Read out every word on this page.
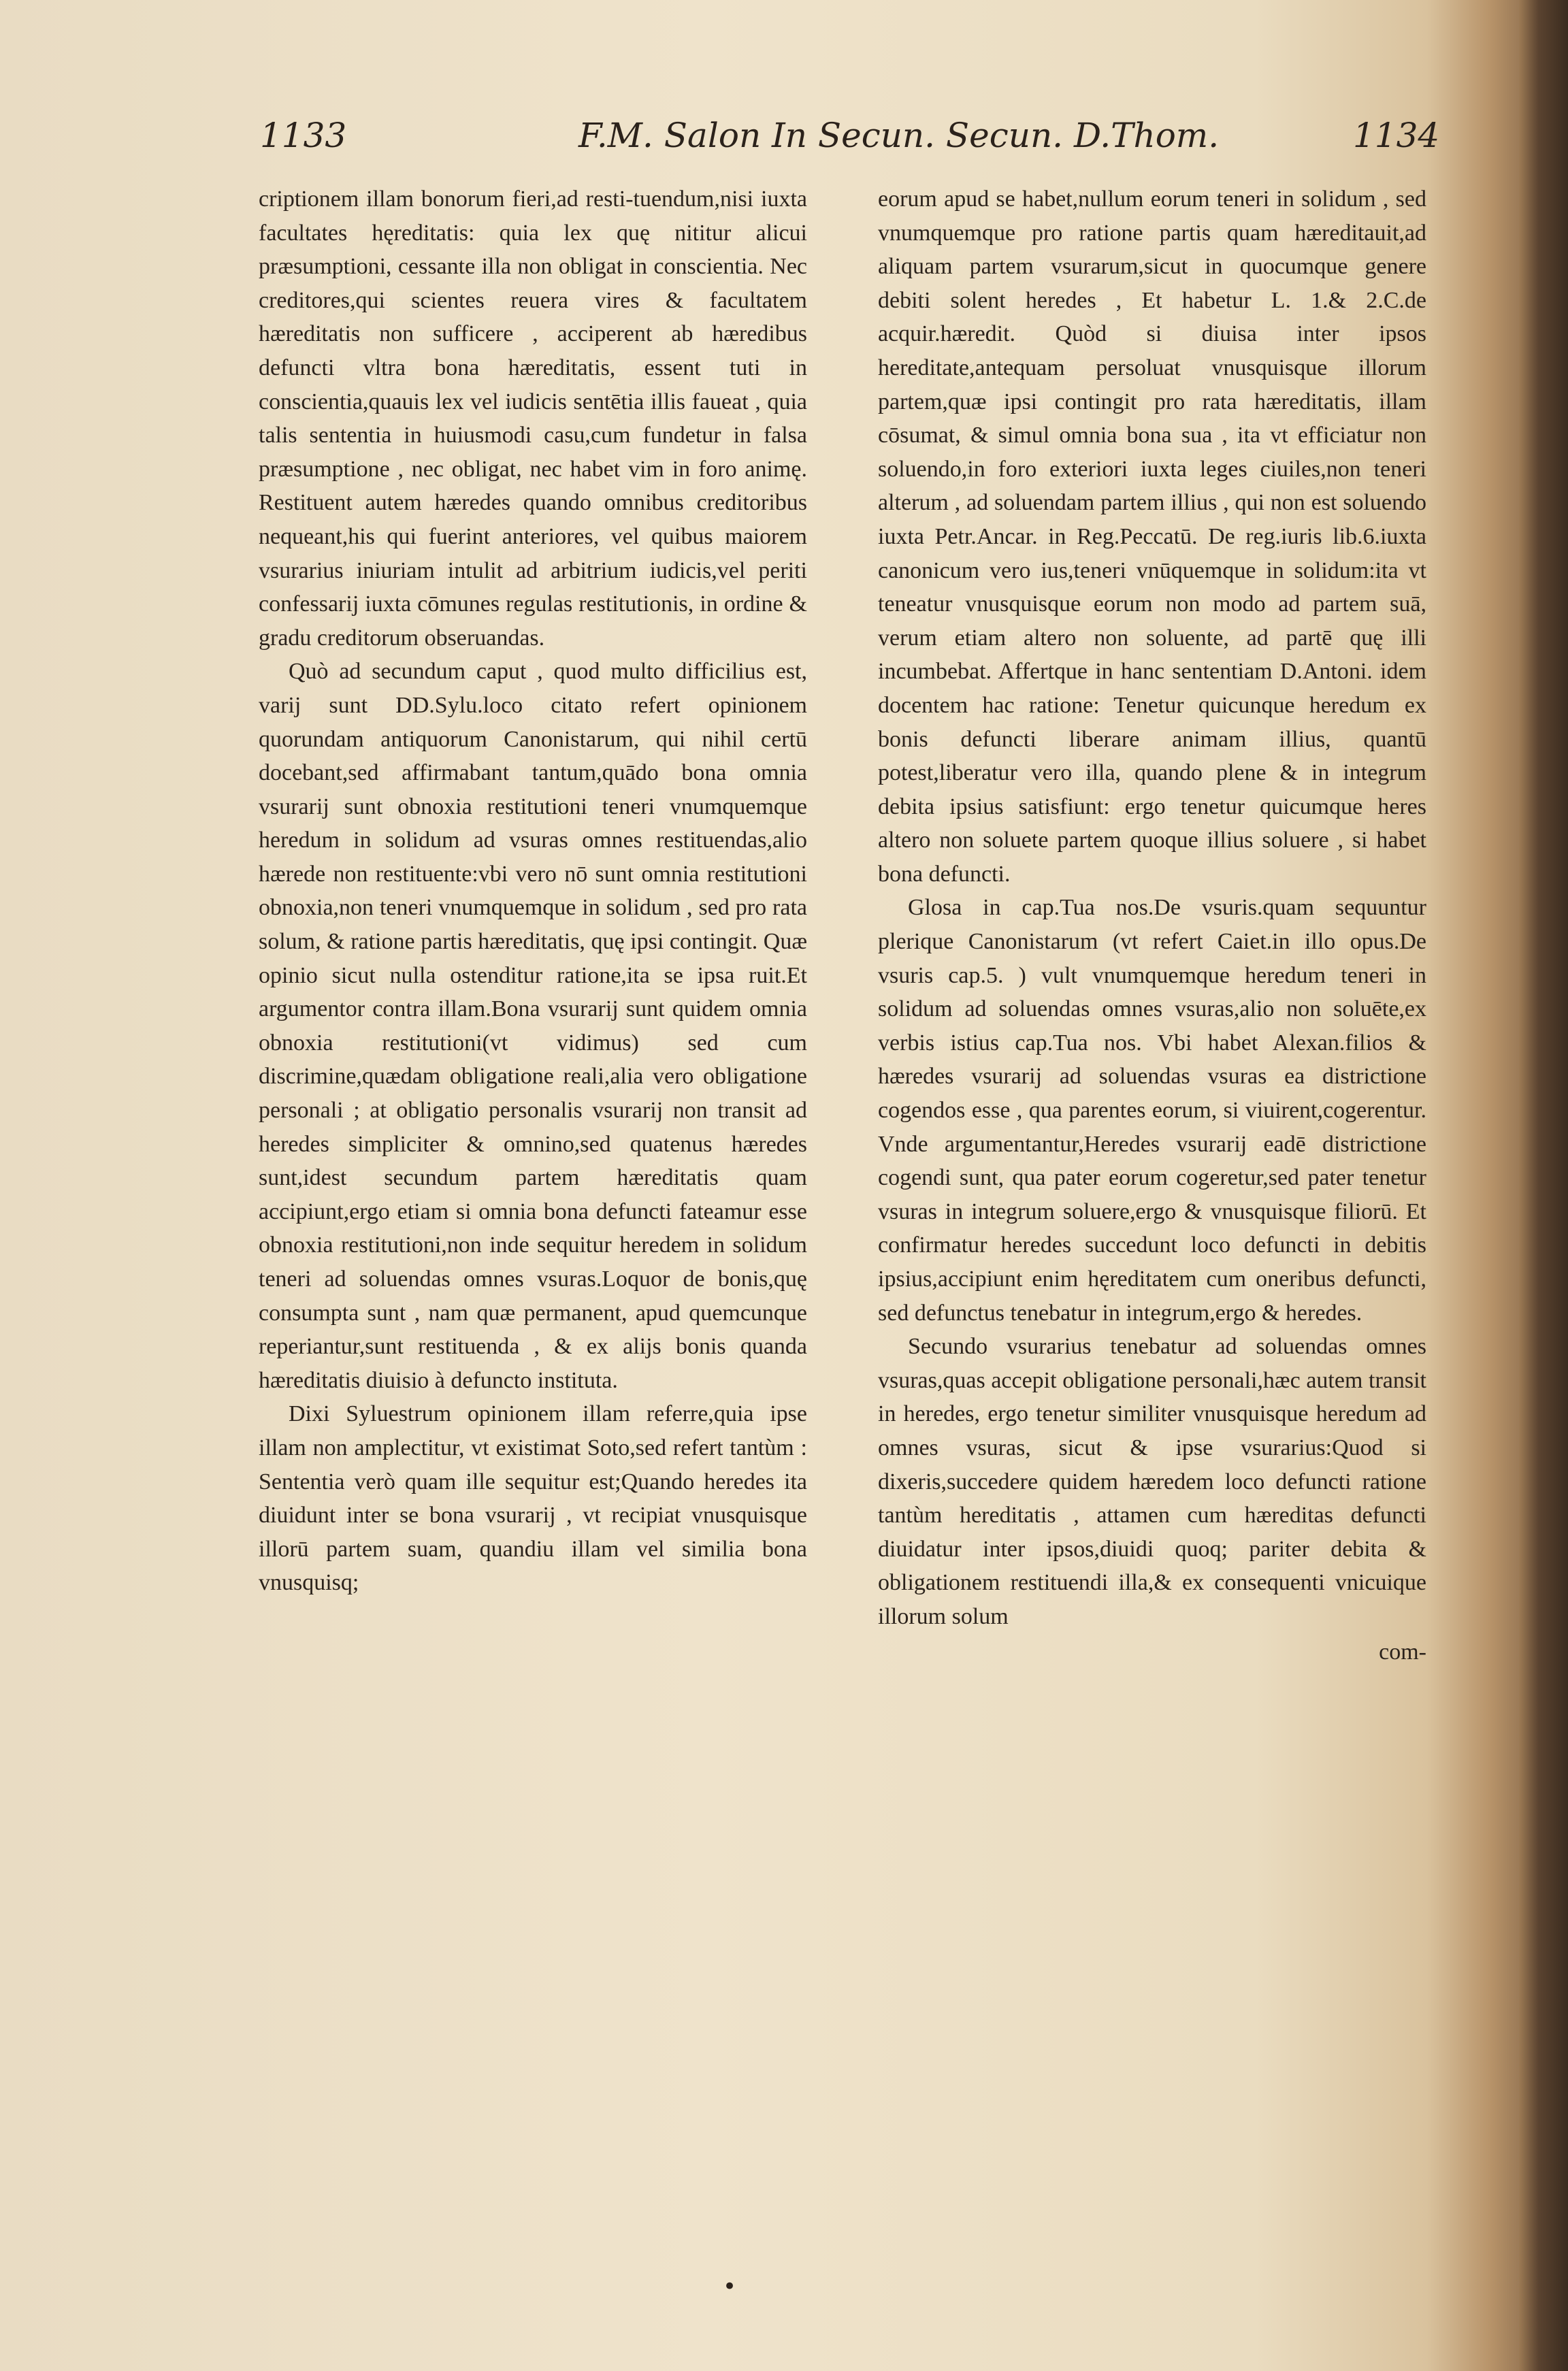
1133	F.M. Salon In Secun. Secun. D.Thom.	1134

criptionem illam bonorum fieri,ad resti-tuendum,nisi iuxta facultates hęreditatis: quia lex quę nititur alicui præsumptioni, cessante illa non obligat in conscientia. Nec creditores,qui scientes reuera vires & facultatem hæreditatis non sufficere , acciperent ab hæredibus defuncti vltra bona hæreditatis, essent tuti in conscientia,quauis lex vel iudicis sentētia illis faueat , quia talis sententia in huiusmodi casu,cum fundetur in falsa præsumptione , nec obligat, nec habet vim in foro animę. Restituent autem hæredes quando omnibus creditoribus nequeant,his qui fuerint anteriores, vel quibus maiorem vsurarius iniuriam intulit ad arbitrium iudicis,vel periti confessarij iuxta cōmunes regulas restitutionis, in ordine & gradu creditorum obseruandas.

Quò ad secundum caput , quod multo difficilius est, varij sunt DD.Sylu.loco citato refert opinionem quorundam antiquorum Canonistarum, qui nihil certū docebant,sed affirmabant tantum,quādo bona omnia vsurarij sunt obnoxia restitutioni teneri vnumquemque heredum in solidum ad vsuras omnes restituendas,alio hærede non restituente:vbi vero nō sunt omnia restitutioni obnoxia,non teneri vnumquemque in solidum , sed pro rata solum, & ratione partis hæreditatis, quę ipsi contingit. Quæ opinio sicut nulla ostenditur ratione,ita se ipsa ruit.Et argumentor contra illam.Bona vsurarij sunt quidem omnia obnoxia restitutioni(vt vidimus) sed cum discrimine,quædam obligatione reali,alia vero obligatione personali ; at obligatio personalis vsurarij non transit ad heredes simpliciter & omnino,sed quatenus hæredes sunt,idest secundum partem hæreditatis quam accipiunt,ergo etiam si omnia bona defuncti fateamur esse obnoxia restitutioni,non inde sequitur heredem in solidum teneri ad soluendas omnes vsuras.Loquor de bonis,quę consumpta sunt , nam quæ permanent, apud quemcunque reperiantur,sunt restituenda , & ex alijs bonis quanda hæreditatis diuisio à defuncto instituta.

Dixi Syluestrum opinionem illam referre,quia ipse illam non amplectitur, vt existimat Soto,sed refert tantùm : Sententia verò quam ille sequitur est;Quando heredes ita diuidunt inter se bona vsurarij , vt recipiat vnusquisque illorū partem suam, quandiu illam vel similia bona vnusquisq;

eorum apud se habet,nullum eorum teneri in solidum , sed vnumquemque pro ratione partis quam hæreditauit,ad aliquam partem vsurarum,sicut in quocumque genere debiti solent heredes , Et habetur L. 1.& 2.C.de acquir.hæredit. Quòd si diuisa inter ipsos hereditate,antequam persoluat vnusquisque illorum partem,quæ ipsi contingit pro rata hæreditatis, illam cōsumat, & simul omnia bona sua , ita vt efficiatur non soluendo,in foro exteriori iuxta leges ciuiles,non teneri alterum , ad soluendam partem illius , qui non est soluendo iuxta Petr.Ancar. in Reg.Peccatū. De reg.iuris lib.6.iuxta canonicum vero ius,teneri vnūquemque in solidum:ita vt teneatur vnusquisque eorum non modo ad partem suā, verum etiam altero non soluente, ad partē quę illi incumbebat. Affertque in hanc sententiam D.Antoni. idem docentem hac ratione: Tenetur quicunque heredum ex bonis defuncti liberare animam illius, quantū potest,liberatur vero illa, quando plene & in integrum debita ipsius satisfiunt: ergo tenetur quicumque heres altero non soluete partem quoque illius soluere , si habet bona defuncti.

Glosa in cap.Tua nos.De vsuris.quam sequuntur plerique Canonistarum (vt refert Caiet.in illo opus.De vsuris cap.5. ) vult vnumquemque heredum teneri in solidum ad soluendas omnes vsuras,alio non soluēte,ex verbis istius cap.Tua nos. Vbi habet Alexan.filios & hæredes vsurarij ad soluendas vsuras ea districtione cogendos esse , qua parentes eorum, si viuirent,cogerentur. Vnde argumentantur,Heredes vsurarij eadē districtione cogendi sunt, qua pater eorum cogeretur,sed pater tenetur vsuras in integrum soluere,ergo & vnusquisque filiorū. Et confirmatur heredes succedunt loco defuncti in debitis ipsius,accipiunt enim hęreditatem cum oneribus defuncti, sed defunctus tenebatur in integrum,ergo & heredes.

Secundo vsurarius tenebatur ad soluendas omnes vsuras,quas accepit obligatione personali,hæc autem transit in heredes, ergo tenetur similiter vnusquisque heredum ad omnes vsuras, sicut & ipse vsurarius:Quod si dixeris,succedere quidem hæredem loco defuncti ratione tantùm hereditatis , attamen cum hæreditas defuncti diuidatur inter ipsos,diuidi quoq; pariter debita & obligationem restituendi illa,& ex consequenti vnicuique illorum solum

com-

•
